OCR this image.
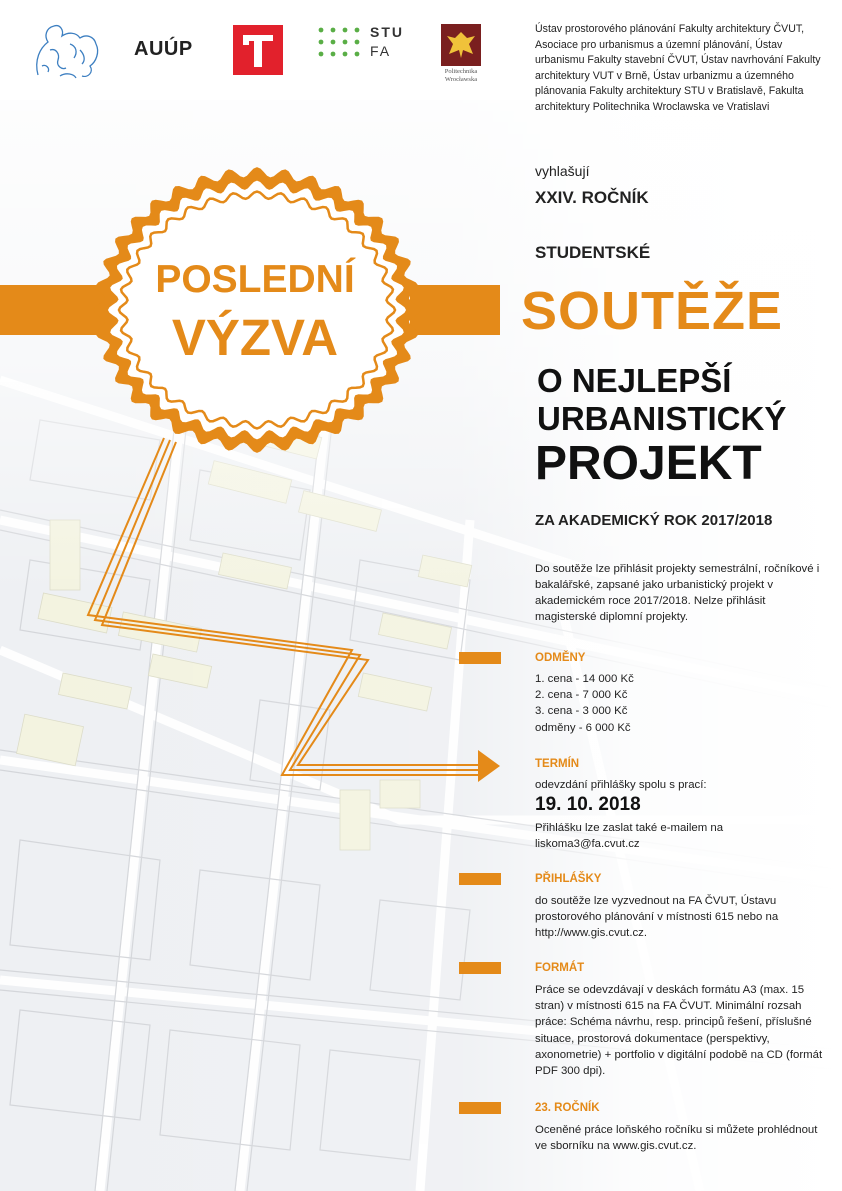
AUÚP
STU
FA
Politechnika
Wrocławska
Ústav prostorového plánování Fakulty architektury ČVUT, Asociace pro urbanismus a územní plánování, Ústav urbanismu Fakulty stavební ČVUT, Ústav navrhování Fakulty architektury VUT v Brně, Ústav urbanizmu a územného plánovania Fakulty architektury STU v Bratislavě, Fakulta architektury Politechnika Wroclawska ve Vratislavi
POSLEDNÍ
VÝZVA
vyhlašují
XXIV. ROČNÍK
STUDENTSKÉ
SOUTĚŽE
O NEJLEPŠÍ
URBANISTICKÝ
PROJEKT
ZA AKADEMICKÝ ROK 2017/2018
Do soutěže lze přihlásit projekty semestrální, ročníkové i bakalářské, zapsané jako urbanistický projekt v akademickém roce 2017/2018. Nelze přihlásit magisterské diplomní projekty.
ODMĚNY
1. cena - 14 000 Kč
2. cena - 7 000 Kč
3. cena - 3 000 Kč
odměny - 6 000 Kč
TERMÍN
odevzdání přihlášky spolu s prací:
19. 10. 2018
Přihlášku lze zaslat také e-mailem na liskoma3@fa.cvut.cz
PŘIHLÁŠKY
do soutěže lze vyzvednout na FA ČVUT, Ústavu prostorového plánování v místnosti 615 nebo na http://www.gis.cvut.cz.
FORMÁT
Práce se odevzdávají v deskách formátu A3 (max. 15 stran) v místnosti 615 na FA ČVUT. Minimální rozsah práce: Schéma návrhu, resp. principů řešení, příslušné situace, prostorová dokumentace (perspektivy, axonometrie) + portfolio v digitální podobě na CD (formát PDF 300 dpi).
23. ROČNÍK
Oceněné práce loňského ročníku si můžete prohlédnout ve sborníku na www.gis.cvut.cz.
